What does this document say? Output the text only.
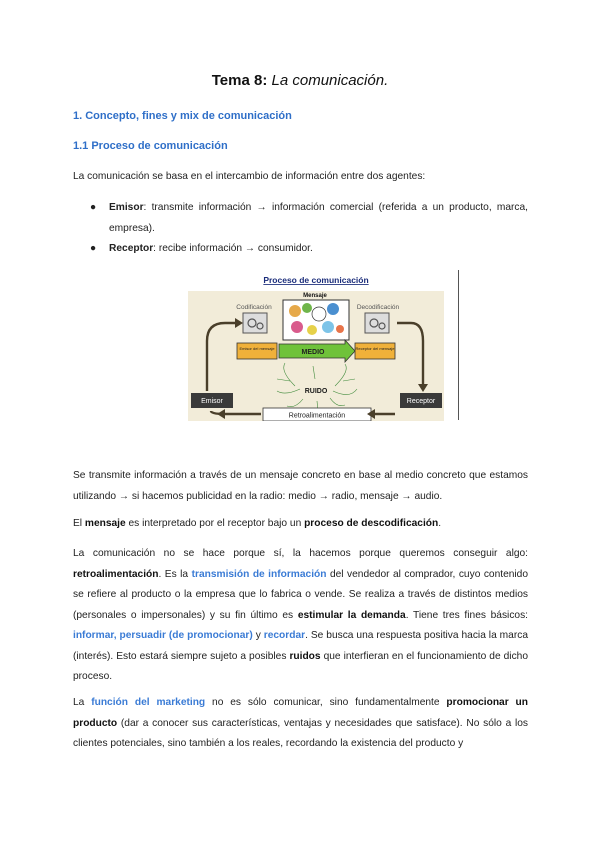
Tema 8: La comunicación.
1. Concepto, fines y mix de comunicación
1.1 Proceso de comunicación
La comunicación se basa en el intercambio de información entre dos agentes:
● Emisor: transmite información → información comercial (referida a un producto, marca, empresa).
● Receptor: recibe información → consumidor.
Proceso de comunicación
Mensaje
Codificación	Decodificación
Emisor del mensaje	Receptor del mensaje
MEDIO
RUIDO
Emisor	Receptor
Retroalimentación
Se transmite información a través de un mensaje concreto en base al medio concreto que estamos utilizando → si hacemos publicidad en la radio: medio → radio, mensaje → audio.
El mensaje es interpretado por el receptor bajo un proceso de descodificación.
La comunicación no se hace porque sí, la hacemos porque queremos conseguir algo: retroalimentación. Es la transmisión de información del vendedor al comprador, cuyo contenido se refiere al producto o la empresa que lo fabrica o vende. Se realiza a través de distintos medios (personales o impersonales) y su fin último es estimular la demanda. Tiene tres fines básicos: informar, persuadir (de promocionar) y recordar. Se busca una respuesta positiva hacia la marca (interés). Esto estará siempre sujeto a posibles ruidos que interfieran en el funcionamiento de dicho proceso.
La función del marketing no es sólo comunicar, sino fundamentalmente promocionar un producto (dar a conocer sus características, ventajas y necesidades que satisface). No sólo a los clientes potenciales, sino también a los reales, recordando la existencia del producto y
